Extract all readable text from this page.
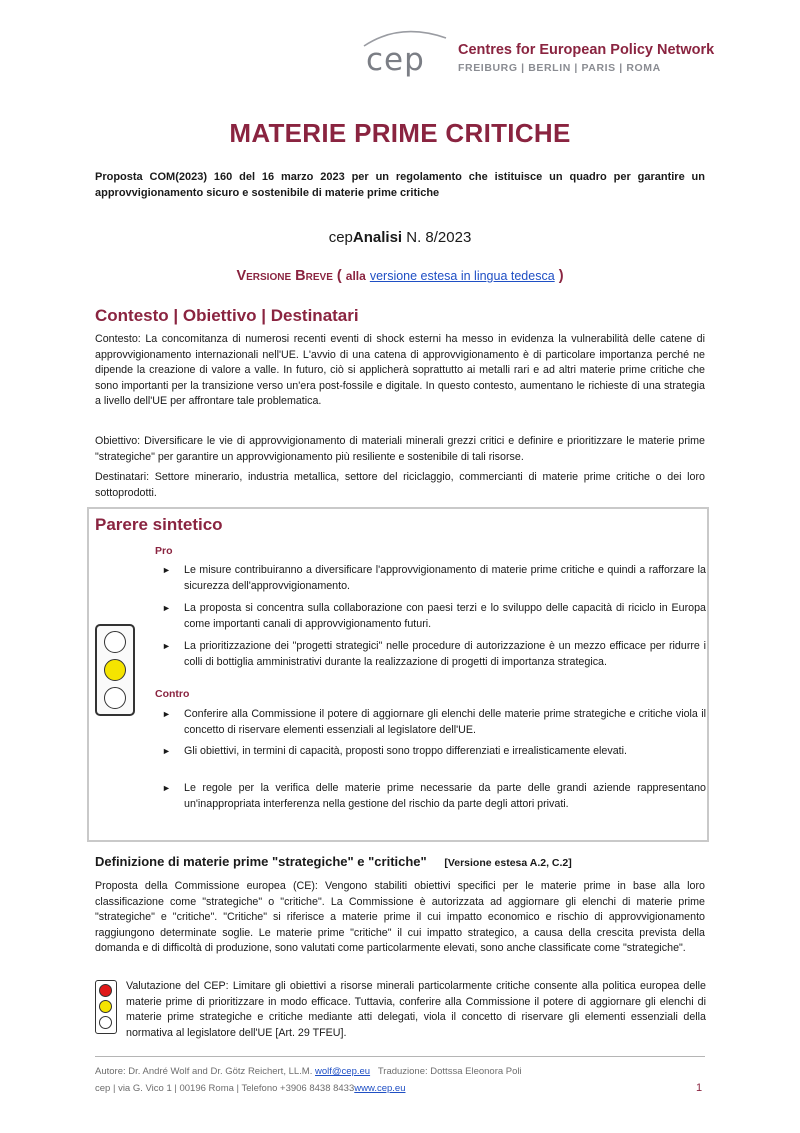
cep Centres for European Policy Network
FREIBURG | BERLIN | PARIS | ROMA
MATERIE PRIME CRITICHE
Proposta COM(2023) 160 del 16 marzo 2023 per un regolamento che istituisce un quadro per garantire un approvvigionamento sicuro e sostenibile di materie prime critiche
cepAnalisi N. 8/2023
Versione Breve ( alla versione estesa in lingua tedesca )
Contesto | Obiettivo | Destinatari
Contesto: La concomitanza di numerosi recenti eventi di shock esterni ha messo in evidenza la vulnerabilità delle catene di approvvigionamento internazionali nell'UE. L'avvio di una catena di approvvigionamento è di particolare importanza perché ne dipende la creazione di valore a valle. In futuro, ciò si applicherà soprattutto ai metalli rari e ad altri materie prime critiche che sono importanti per la transizione verso un'era post-fossile e digitale. In questo contesto, aumentano le richieste di una strategia a livello dell'UE per affrontare tale problematica.
Obiettivo: Diversificare le vie di approvvigionamento di materiali minerali grezzi critici e definire e prioritizzare le materie prime "strategiche" per garantire un approvvigionamento più resiliente e sostenibile di tali risorse.
Destinatari: Settore minerario, industria metallica, settore del riciclaggio, commercianti di materie prime critiche o dei loro sottoprodotti.
Parere sintetico
Pro
► Le misure contribuiranno a diversificare l'approvvigionamento di materie prime critiche e quindi a rafforzare la sicurezza dell'approvvigionamento.
► La proposta si concentra sulla collaborazione con paesi terzi e lo sviluppo delle capacità di riciclo in Europa come importanti canali di approvvigionamento futuri.
► La prioritizzazione dei "progetti strategici" nelle procedure di autorizzazione è un mezzo efficace per ridurre i colli di bottiglia amministrativi durante la realizzazione di progetti di importanza strategica.
Contro
► Conferire alla Commissione il potere di aggiornare gli elenchi delle materie prime strategiche e critiche viola il concetto di riservare elementi essenziali al legislatore dell'UE.
► Gli obiettivi, in termini di capacità, proposti sono troppo differenziati e irrealisticamente elevati.
► Le regole per la verifica delle materie prime necessarie da parte delle grandi aziende rappresentano un'inappropriata interferenza nella gestione del rischio da parte degli attori privati.
Definizione di materie prime "strategiche" e "critiche" [Versione estesa A.2, C.2]
Proposta della Commissione europea (CE): Vengono stabiliti obiettivi specifici per le materie prime in base alla loro classificazione come "strategiche" o "critiche". La Commissione è autorizzata ad aggiornare gli elenchi di materie prime "strategiche" e "critiche". "Critiche" si riferisce a materie prime il cui impatto economico e rischio di approvvigionamento raggiungono determinate soglie. Le materie prime "critiche" il cui impatto strategico, a causa della crescita prevista della domanda e di difficoltà di produzione, sono valutati come particolarmente elevati, sono anche classificate come "strategiche".
Valutazione del CEP: Limitare gli obiettivi a risorse minerali particolarmente critiche consente alla politica europea delle materie prime di prioritizzare in modo efficace. Tuttavia, conferire alla Commissione il potere di aggiornare gli elenchi di materie prime strategiche e critiche mediante atti delegati, viola il concetto di riservare gli elementi essenziali della normativa al legislatore dell'UE [Art. 29 TFEU].
Autore: Dr. André Wolf and Dr. Götz Reichert, LL.M. wolf@cep.eu   Traduzione: Dottssa Eleonora Poli
cep | via G. Vico 1 | 00196 Roma | Telefono +3906 8438 8433www.cep.eu	1
